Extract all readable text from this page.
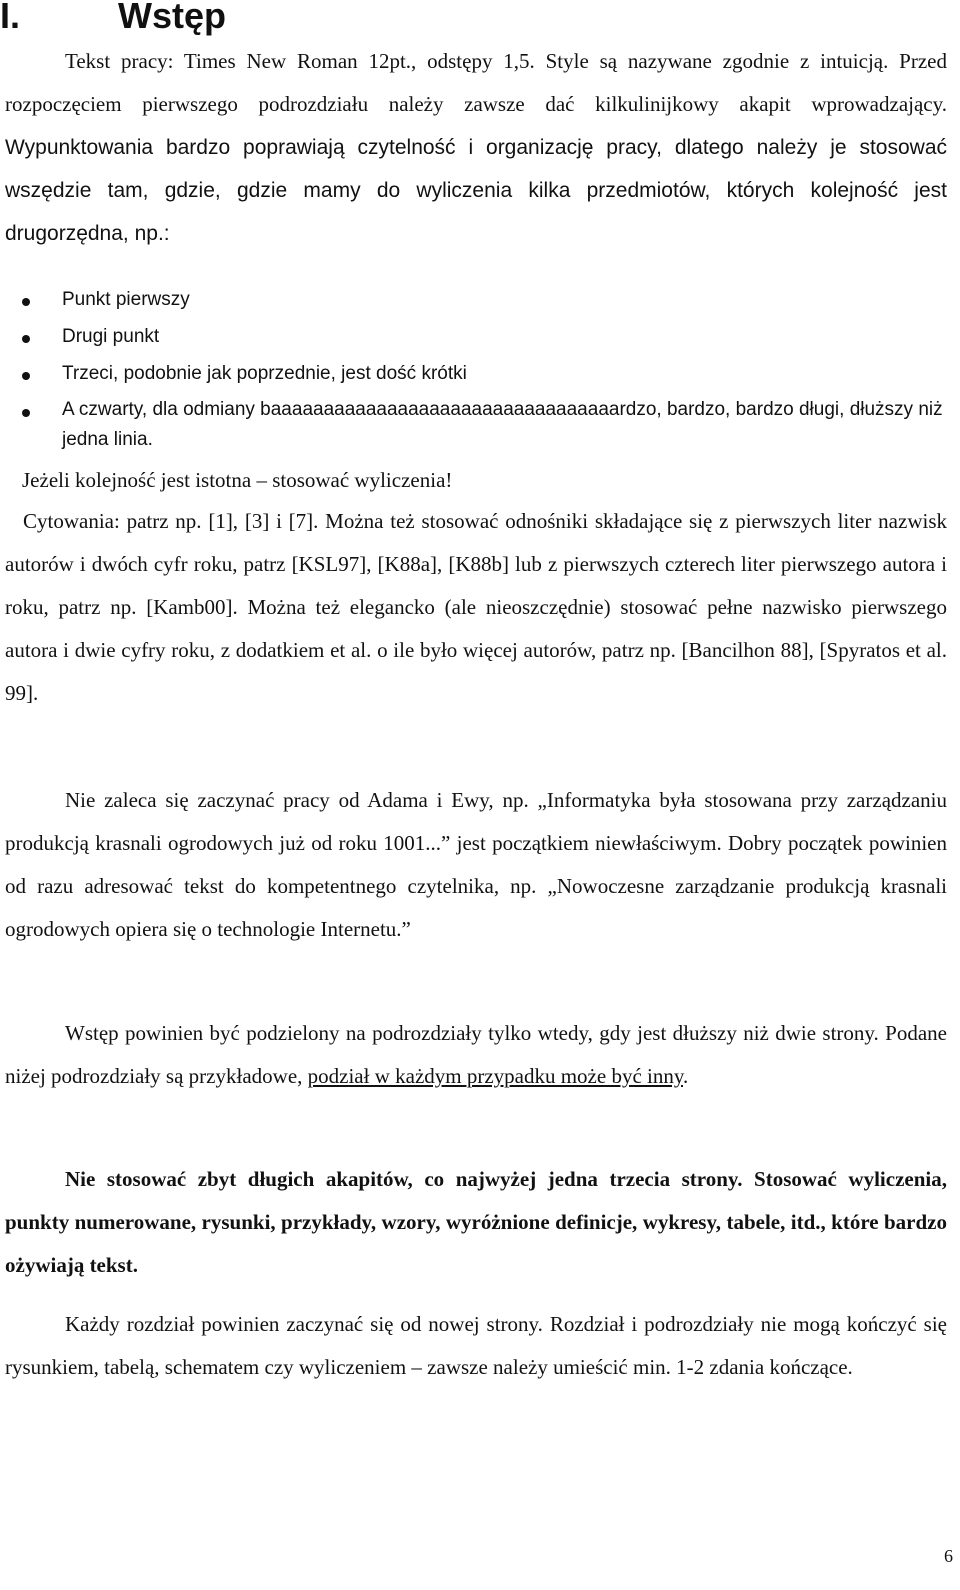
I.	Wstęp

Tekst pracy: Times New Roman 12pt., odstępy 1,5. Style są nazywane zgodnie z intuicją. Przed rozpoczęciem pierwszego podrozdziału należy zawsze dać kilkulinijkowy akapit wprowadzający. Wypunktowania bardzo poprawiają czytelność i organizację pracy, dlatego należy je stosować wszędzie tam, gdzie, gdzie mamy do wyliczenia kilka przedmiotów, których kolejność jest drugorzędna, np.:

Punkt pierwszy
Drugi punkt
Trzeci, podobnie jak poprzednie, jest dość krótki
A czwarty, dla odmiany baaaaaaaaaaaaaaaaaaaaaaaaaaaaaaaaardzo, bardzo, bardzo długi, dłuższy niż jedna linia.

Jeżeli kolejność jest istotna – stosować wyliczenia!

Cytowania: patrz np. [1], [3] i [7]. Można też stosować odnośniki składające się z pierwszych liter nazwisk autorów i dwóch cyfr roku, patrz [KSL97], [K88a], [K88b] lub z pierwszych czterech liter pierwszego autora i roku, patrz np. [Kamb00]. Można też elegancko (ale nieoszczędnie) stosować pełne nazwisko pierwszego autora i dwie cyfry roku, z dodatkiem et al. o ile było więcej autorów, patrz np. [Bancilhon 88], [Spyratos et al. 99].

Nie zaleca się zaczynać pracy od Adama i Ewy, np. „Informatyka była stosowana przy zarządzaniu produkcją krasnali ogrodowych już od roku 1001...” jest początkiem niewłaściwym. Dobry początek powinien od razu adresować tekst do kompetentnego czytelnika, np. „Nowoczesne zarządzanie produkcją krasnali ogrodowych opiera się o technologie Internetu.”

Wstęp powinien być podzielony na podrozdziały tylko wtedy, gdy jest dłuższy niż dwie strony. Podane niżej podrozdziały są przykładowe, podział w każdym przypadku może być inny.

Nie stosować zbyt długich akapitów, co najwyżej jedna trzecia strony. Stosować wyliczenia, punkty numerowane, rysunki, przykłady, wzory, wyróżnione definicje, wykresy, tabele, itd., które bardzo ożywiają tekst.

Każdy rozdział powinien zaczynać się od nowej strony. Rozdział i podrozdziały nie mogą kończyć się rysunkiem, tabelą, schematem czy wyliczeniem – zawsze należy umieścić min. 1-2 zdania kończące.

6
